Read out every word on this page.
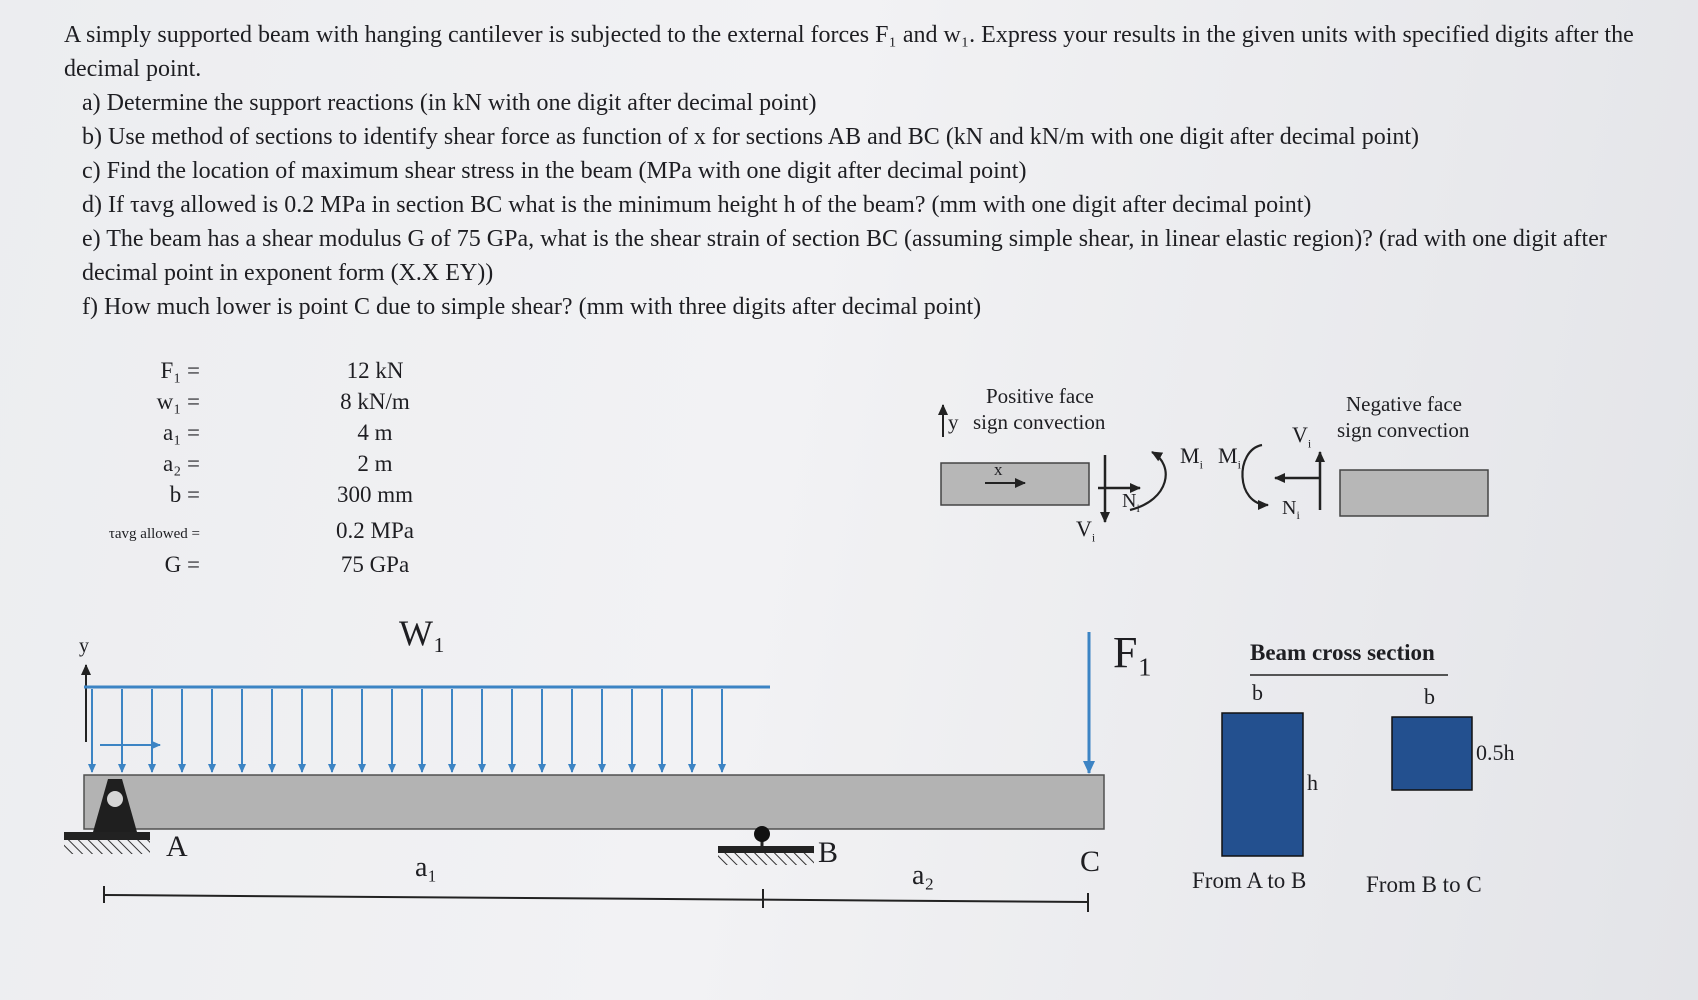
A simply supported beam with hanging cantilever is subjected to the external forces F₁ and w₁. Express your results in the given units with specified digits after the decimal point.

a) Determine the support reactions (in kN with one digit after decimal point)
b) Use method of sections to identify shear force as function of x for sections AB and BC (kN and kN/m with one digit after decimal point)
c) Find the location of maximum shear stress in the beam (MPa with one digit after decimal point)
d) If τavg allowed is 0.2 MPa in section BC what is the minimum height h of the beam? (mm with one digit after decimal point)
e) The beam has a shear modulus G of 75 GPa, what is the shear strain of section BC (assuming simple shear, in linear elastic region)? (rad with one digit after decimal point in exponent form (X.X EY))
f) How much lower is point C due to simple shear? (mm with three digits after decimal point)
F₁ =	12 kN
w₁ =	8 kN/m
a₁ =	4 m
a₂ =	2 m
b =	300 mm
τavg allowed =	0.2 MPa
G =	75 GPa
Positive face
sign convection
y
x
$V_i$
$N_i$
$M_i$ $M_i$
$V_i$
$N_i$
Negative face
sign convection
W₁	F₁
y
A	B	C
a₁	a₂
Beam cross section
b	b
h
0.5h
From A to B	From B to C
